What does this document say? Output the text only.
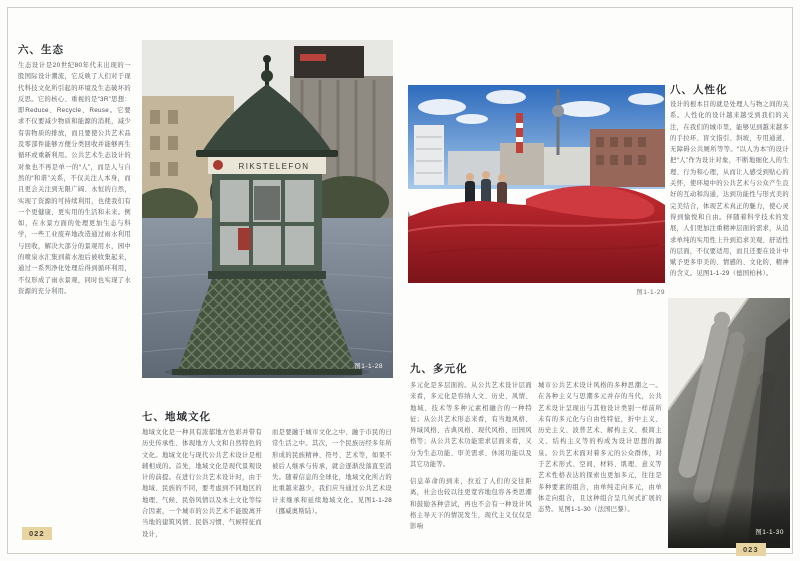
六、生态

生态设计是20世纪80年代末出现的一股国际设计潮流，它反映了人们对于现代科技文化所引起的环境及生态破坏的反思。它的核心、重视的是“3R”思想：即Reduce、Recycle、Reuse。它要求不仅要减少物质和能源的消耗，减少有害物质的排放，而且要使公共艺术品及零部件能够方便分类回收并能够再生循环或重新利用。公共艺术生态设计的对象也不再是单一的“人”，而是人与自然的“和谐”关系，不仅关注人本身，而且更会关注到无限广阔、永恒的自然，实现了资源的可持续利用，也使我们有一个更健康、更实用的生活和未来。例如，在水景方面的处理更加生态与科学，一些工业废弃地改造通过雨水利用与回收，解决大部分的景观用水，园中的喷泉水汇集到蓄水池后被收集起来，通过一系列净化处理后得到循环利用，不仅形成了雨水景观，同时也实现了水资源的充分利用。

RIKSTELEFON
图1-1-28
七、地域文化

地域文化是一种具有浓郁地方色彩并带有历史传承性、体现地方人文和自然特色的文化。地域文化与现代公共艺术设计是相辅相成的。首先，地域文化是现代景观设计的前提。在进行公共艺术设计时，由于地域、民族的不同，要考虑到不同地区的地理、气候、民俗风情以及本土文化等综合因素，一个城市的公共艺术不能脱离开当地的建筑风情、民俗习惯、气候特征而设计，

而是要融于城市文化之中、融于市民的日常生活之中。其次，一个民族历经多年所形成的民族精神、符号、艺术等，如果不被后人继承与传承，就会逐渐没落直至消失。随着信息的全球化，地域文化所占的比重越来越少，我们应当通过公共艺术设计来继承和延续地域文化。见图1-1-28（挪威奥斯陆）。

022
图1-1-29
九、多元化

多元化是多层面的。从公共艺术设计层面来看，多元化是容纳人文、历史、风情、地域、技术等多种元素相融合的一种特征；从公共艺术形态来看，有当地风格、异域风格、古典风格、现代风格、田园风格等；从公共艺术功能需求层面来看，又分为生态功能、审美需求、休闲功能以及其它功能等。

信息革命的到来，拉近了人们的交往距离，社会也较以往更宽容地包容各类思潮和鼓励各种尝试，再也不会有一种设计风格主导天下的情况发生，现代主义仅仅是影响

城市公共艺术设计风格的多种思潮之一。在各种主义与思潮多元并存的当代，公共艺术设计呈现出与其他设计类别一样前所未有的多元化与自由性特征，折中主义、历史主义、波普艺术、解构主义、极简主义、结构主义等的构成为设计思想的源泉。公共艺术面对着多元的公众群体，对于艺术形式、空间、材料、肌理、意义等艺术性格表达的探索也更加多元，往往是多种要素的组合，由单纯走向多元，由单体走向组合，且这种组合呈几何式扩展的态势。见图1-1-30（法国巴黎）。

八、人性化

设计的根本目的就是处理人与物之间的关系。人性化的设计越来越受到我们的关注，在我们的城市里，能够见到越来越多的手拉环、盲文指引、斜坡、专用通道、无障碍公共厕所等等。“以人为本”的设计把“人”作为设计对象，不断地细化人的生理、行为和心理，从而让人感受到贴心的关怀，使环境中的公共艺术与公众产生良好的互动和沟通，达到功能性与形式美的完美结合，体现艺术真正的魅力，使心灵得到愉悦和自由。伴随着科学技术的发展，人们更加注重精神层面的需求，从追求单纯的实用性上升到追求美观、舒适性的层面，不仅要适用，而且还要在设计中赋予更多审美的、情感的、文化的、精神的含义。见图1-1-29（德国柏林）。

图1-1-30
023
